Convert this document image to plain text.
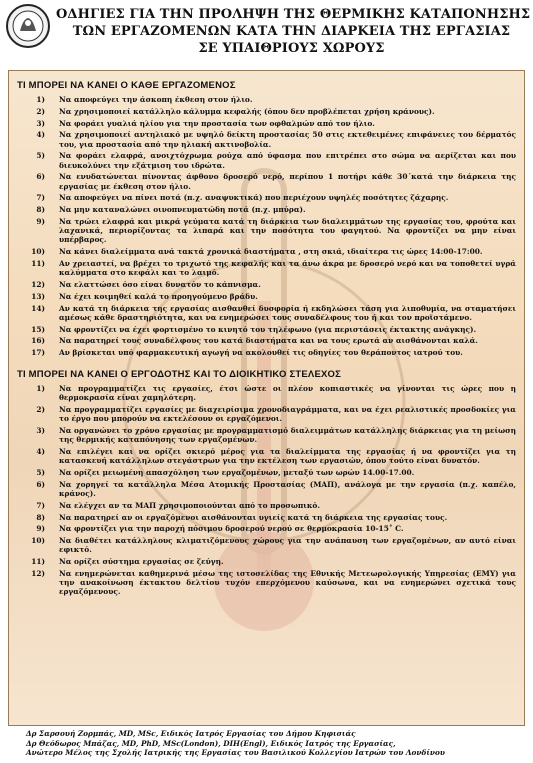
ΟΔΗΓΙΕΣ ΓΙΑ ΤΗΝ ΠΡΟΛΗΨΗ ΤΗΣ ΘΕΡΜΙΚΗΣ ΚΑΤΑΠΟΝΗΣΗΣ
ΤΩΝ ΕΡΓΑΖΟΜΕΝΩΝ ΚΑΤΑ ΤΗΝ ΔΙΑΡΚΕΙΑ ΤΗΣ ΕΡΓΑΣΙΑΣ
ΣΕ ΥΠΑΙΘΡΙΟΥΣ ΧΩΡΟΥΣ
ΤΙ ΜΠΟΡΕΙ ΝΑ ΚΑΝΕΙ Ο ΚΑΘΕ ΕΡΓΑΖΟΜΕΝΟΣ
1) Να αποφεύγει την άσκοπη έκθεση στον ήλιο.
2) Να χρησιμοποιεί κατάλληλο κάλυμμα κεφαλής (όπου δεν προβλέπεται χρήση κράνους).
3) Να φοράει γυαλιά ηλίου για την προστασία των οφθαλμών από τον ήλιο.
4) Να χρησιμοποιεί αντηλιακό με υψηλό δείκτη προστασίας 50 στις εκτεθειμένες επιφάνειες του δέρματός του, για προστασία από την ηλιακή ακτινοβολία.
5) Να φοράει ελαφρά, ανοιχτόχρωμα ρούχα από ύφασμα που επιτρέπει στο σώμα να αερίζεται και που διευκολύνει την εξάτμιση του ιδρώτα.
6) Να ενυδατώνεται πίνοντας άφθονο δροσερό νερό, περίπου 1 ποτήρι κάθε 30΄κατά την διάρκεια της εργασίας με έκθεση στον ήλιο.
7) Να αποφεύγει να πίνει ποτά (π.χ. αναψυκτικά) που περιέχουν υψηλές ποσότητες ζάχαρης.
8) Να μην καταναλώνει οινοπνευματώδη ποτά (π.χ. μπύρα).
9) Να τρώει ελαφρά και μικρά γεύματα κατά τη διάρκεια των διαλειμμάτων της εργασίας του, φρούτα και λαχανικά, περιορίζοντας τα λιπαρά και την ποσότητα του φαγητού. Να φροντίζει να μην είναι υπέρβαρος.
10) Να κάνει διαλείμματα ανά τακτά χρονικά διαστήματα , στη σκιά, ιδιαίτερα τις ώρες 14:00-17:00.
11) Αν χρειαστεί, να βρέχει το τριχωτό της κεφαλής και τα άνω άκρα με δροσερό νερό και να τοποθετεί υγρά καλύμματα στο κεφάλι και το λαιμό.
12) Να ελαττώσει όσο είναι δυνατόν το κάπνισμα.
13) Να έχει κοιμηθεί καλά το προηγούμενο βράδυ.
14) Αν κατά τη διάρκεια της εργασίας αισθανθεί δυσφορία ή εκδηλώσει τάση για λιποθυμία, να σταματήσει αμέσως κάθε δραστηριότητα, και να ενημερώσει τους συναδέλφους του ή και τον προϊστάμενο.
15) Να φροντίζει να έχει φορτισμένο το κινητό του τηλέφωνο (για περιστάσεις έκτακτης ανάγκης).
16) Να παρατηρεί τους συναδέλφους του κατά διαστήματα και να τους ερωτά αν αισθάνονται καλά.
17) Αν βρίσκεται υπό φαρμακευτική αγωγή να ακολουθεί τις οδηγίες του θεράποντος ιατρού του.
ΤΙ ΜΠΟΡΕΙ ΝΑ ΚΑΝΕΙ Ο ΕΡΓΟΔΟΤΗΣ ΚΑΙ ΤΟ ΔΙΟΙΚΗΤΙΚΟ ΣΤΕΛΕΧΟΣ
1) Να προγραμματίζει τις εργασίες, έτσι ώστε οι πλέον κοπιαστικές να γίνονται τις ώρες που η θερμοκρασία είναι χαμηλότερη.
2) Να προγραμματίζει εργασίες με διαχειρίσιμα χρονοδιαγράμματα, και να έχει ρεαλιστικές προσδοκίες για το έργο που μπορούν να εκτελέσουν οι εργαζόμενοι.
3) Να οργανώνει το χρόνο εργασίας με προγραμματισμό διαλειμμάτων κατάλληλης διάρκειας για τη μείωση της θερμικής καταπόνησης των εργαζομένων.
4) Να επιλέγει και να ορίζει σκιερό μέρος για τα διαλείμματα της εργασίας ή να φροντίζει για τη κατασκευή κατάλληλων στεγάστρων για την εκτέλεση των εργασιών, όπου τούτο είναι δυνατόν.
5) Να ορίζει μειωμένη απασχόληση των εργαζομένων, μεταξύ των ωρών 14.00-17.00.
6) Να χορηγεί τα κατάλληλα Μέσα Ατομικής Προστασίας (ΜΑΠ), ανάλογα με την εργασία (π.χ. καπέλο, κράνος).
7) Να ελέγχει αν τα ΜΑΠ χρησιμοποιούνται από το προσωπικό.
8) Να παρατηρεί αν οι εργαζόμενοι αισθάνονται υγιείς κατά τη διάρκεια της εργασίας τους.
9) Να φροντίζει για την παροχή πόσιμου δροσερού νερού σε θερμοκρασία 10-15˚ C.
10) Να διαθέτει κατάλληλους κλιματιζόμενους χώρους για την ανάπαυση των εργαζομένων, αν αυτό είναι εφικτό.
11) Να ορίζει σύστημα εργασίας σε ζεύγη.
12) Να ενημερώνεται καθημερινά μέσω της ιστοσελίδας της Εθνικής Μετεωρολογικής Υπηρεσίας (ΕΜΥ) για την ανακοίνωση έκτακτου δελτίου τυχόν επερχόμενου καύσωνα, και να ενημερώνει σχετικά τους εργαζόμενους.
Δρ Σαρσουή Ζορμπάς, MD, MSc, Ειδικός Ιατρός Εργασίας του Δήμου Κηφισιάς
Δρ Θεόδωρος Μπάζας, MD, PhD, MSc(London), DIH(Engl), Ειδικός Ιατρός της Εργασίας,
Ανώτερο Μέλος της Σχολής Ιατρικής της Εργασίας του Βασιλικού Κολλεγίου Ιατρών του Λονδίνου
